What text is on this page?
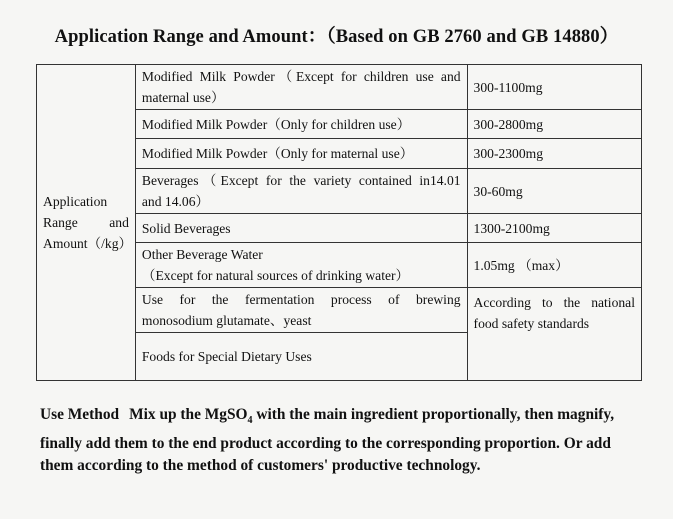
Application Range and Amount：（Based on GB 2760 and GB 14880）
Application
Range and
Amount（/kg）	Modified Milk Powder（Except for children use and
maternal use）	300-1100mg
	Modified Milk Powder（Only for children use）	300-2800mg
	Modified Milk Powder（Only for maternal use）	300-2300mg

	Beverages（Except for the variety contained in14.01
and 14.06）	30-60mg
	Solid Beverages	1300-2100mg

	Other Beverage Water
（Except for natural sources of drinking water）	1.05mg （max）

	Use for the fermentation process of brewing
monosodium glutamate、yeast	According to the national
food safety standards

	Foods for Special Dietary Uses	
Use Method Mix up the MgSO$_4$ with the main ingredient proportionally, then magnify, finally add them to the end product according to the corresponding proportion. Or add them according to the method of customers' productive technology.
